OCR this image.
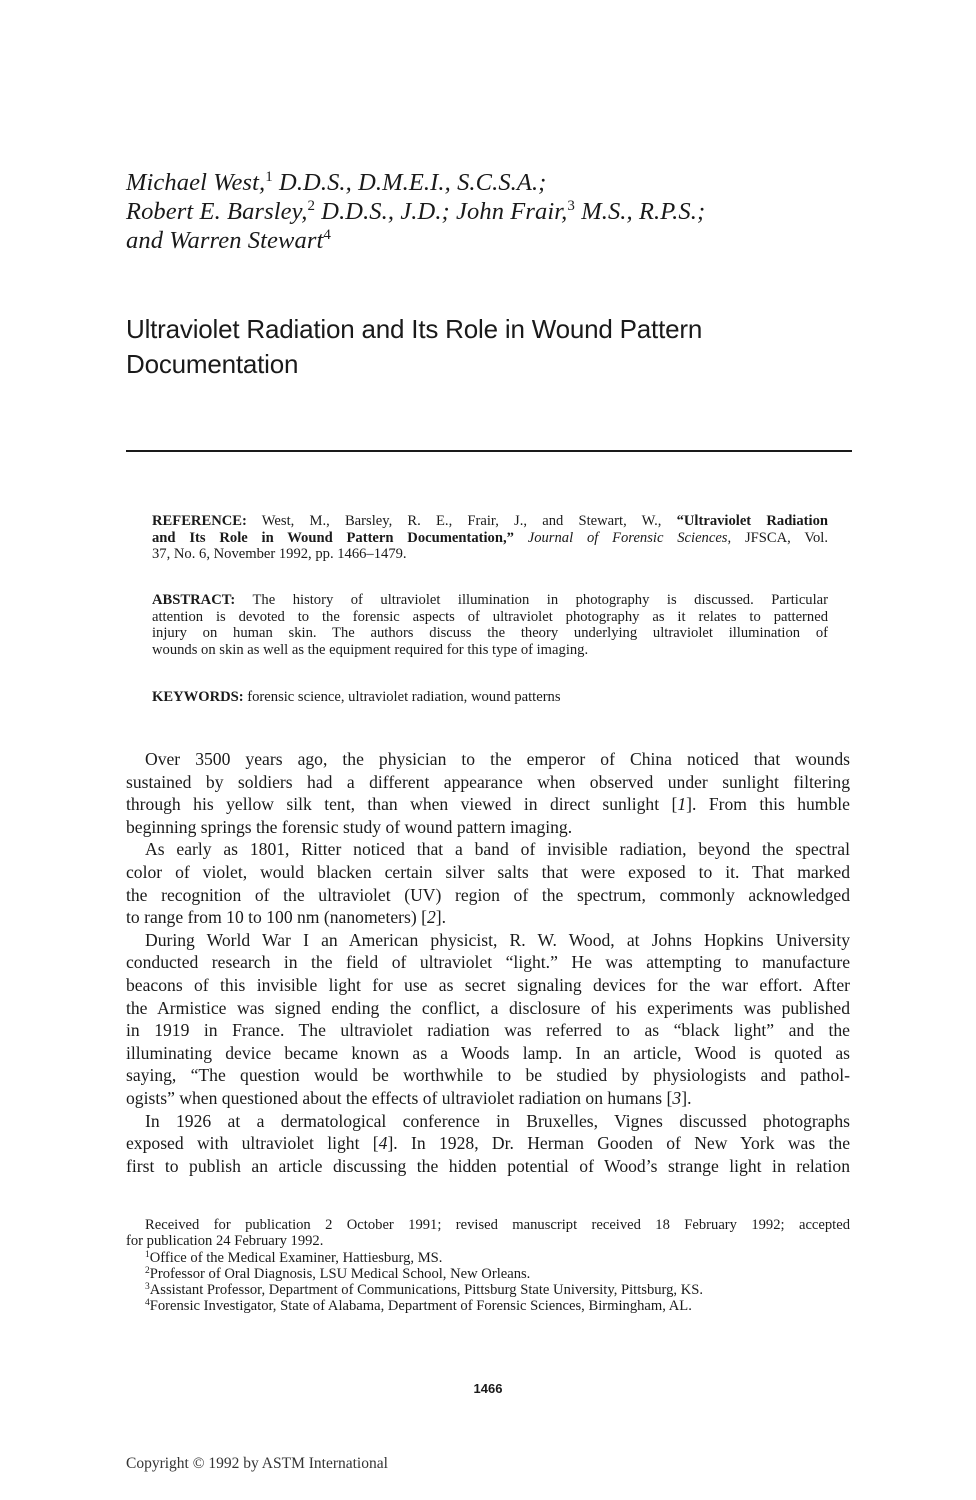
Michael West,$^1$ D.D.S., D.M.E.I., S.C.S.A.;
Robert E. Barsley,$^2$ D.D.S., J.D.; John Frair,$^3$ M.S., R.P.S.;
and Warren Stewart$^4$
Ultraviolet Radiation and Its Role in Wound Pattern
Documentation
REFERENCE: West, M., Barsley, R. E., Frair, J., and Stewart, W., “Ultraviolet Radiation
and Its Role in Wound Pattern Documentation,” Journal of Forensic Sciences, JFSCA, Vol.
37, No. 6, November 1992, pp. 1466–1479.
ABSTRACT: The history of ultraviolet illumination in photography is discussed. Particular
attention is devoted to the forensic aspects of ultraviolet photography as it relates to patterned
injury on human skin. The authors discuss the theory underlying ultraviolet illumination of
wounds on skin as well as the equipment required for this type of imaging.
KEYWORDS: forensic science, ultraviolet radiation, wound patterns
Over 3500 years ago, the physician to the emperor of China noticed that wounds
sustained by soldiers had a different appearance when observed under sunlight filtering
through his yellow silk tent, than when viewed in direct sunlight [1]. From this humble
beginning springs the forensic study of wound pattern imaging.
As early as 1801, Ritter noticed that a band of invisible radiation, beyond the spectral
color of violet, would blacken certain silver salts that were exposed to it. That marked
the recognition of the ultraviolet (UV) region of the spectrum, commonly acknowledged
to range from 10 to 100 nm (nanometers) [2].
During World War I an American physicist, R. W. Wood, at Johns Hopkins University
conducted research in the field of ultraviolet “light.” He was attempting to manufacture
beacons of this invisible light for use as secret signaling devices for the war effort. After
the Armistice was signed ending the conflict, a disclosure of his experiments was published
in 1919 in France. The ultraviolet radiation was referred to as “black light” and the
illuminating device became known as a Woods lamp. In an article, Wood is quoted as
saying, “The question would be worthwhile to be studied by physiologists and pathol-
ogists” when questioned about the effects of ultraviolet radiation on humans [3].
In 1926 at a dermatological conference in Bruxelles, Vignes discussed photographs
exposed with ultraviolet light [4]. In 1928, Dr. Herman Gooden of New York was the
first to publish an article discussing the hidden potential of Wood’s strange light in relation
Received for publication 2 October 1991; revised manuscript received 18 February 1992; accepted
for publication 24 February 1992.
$^1$Office of the Medical Examiner, Hattiesburg, MS.
$^2$Professor of Oral Diagnosis, LSU Medical School, New Orleans.
$^3$Assistant Professor, Department of Communications, Pittsburg State University, Pittsburg, KS.
$^4$Forensic Investigator, State of Alabama, Department of Forensic Sciences, Birmingham, AL.
1466
Copyright © 1992 by ASTM International
